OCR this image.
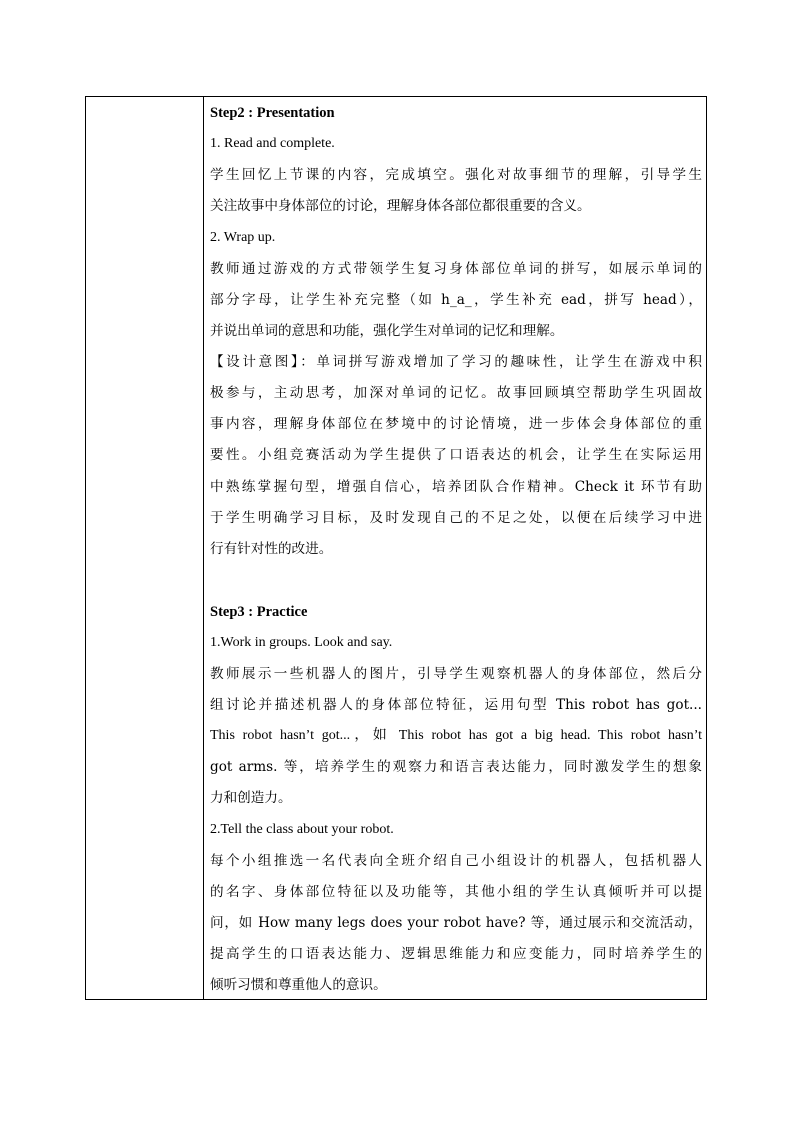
Step2 : Presentation
1. Read and complete.
学生回忆上节课的内容，完成填空。强化对故事细节的理解，引导学生
关注故事中身体部位的讨论，理解身体各部位都很重要的含义。
2. Wrap up.
教师通过游戏的方式带领学生复习身体部位单词的拼写，如展示单词的
部分字母，让学生补充完整（如 h_a_，学生补充 ead，拼写 head），
并说出单词的意思和功能，强化学生对单词的记忆和理解。
【设计意图】：单词拼写游戏增加了学习的趣味性，让学生在游戏中积
极参与，主动思考，加深对单词的记忆。故事回顾填空帮助学生巩固故
事内容，理解身体部位在梦境中的讨论情境，进一步体会身体部位的重
要性。小组竞赛活动为学生提供了口语表达的机会，让学生在实际运用
中熟练掌握句型，增强自信心，培养团队合作精神。Check it 环节有助
于学生明确学习目标，及时发现自己的不足之处，以便在后续学习中进
行有针对性的改进。
Step3 : Practice
1.Work in groups. Look and say.
教师展示一些机器人的图片，引导学生观察机器人的身体部位，然后分
组讨论并描述机器人的身体部位特征，运用句型 This robot has got...
This robot hasn’t got...，如 This robot has got a big head. This robot hasn’t
got arms. 等，培养学生的观察力和语言表达能力，同时激发学生的想象
力和创造力。
2.Tell the class about your robot.
每个小组推选一名代表向全班介绍自己小组设计的机器人，包括机器人
的名字、身体部位特征以及功能等，其他小组的学生认真倾听并可以提
问，如 How many legs does your robot have? 等，通过展示和交流活动，
提高学生的口语表达能力、逻辑思维能力和应变能力，同时培养学生的
倾听习惯和尊重他人的意识。
